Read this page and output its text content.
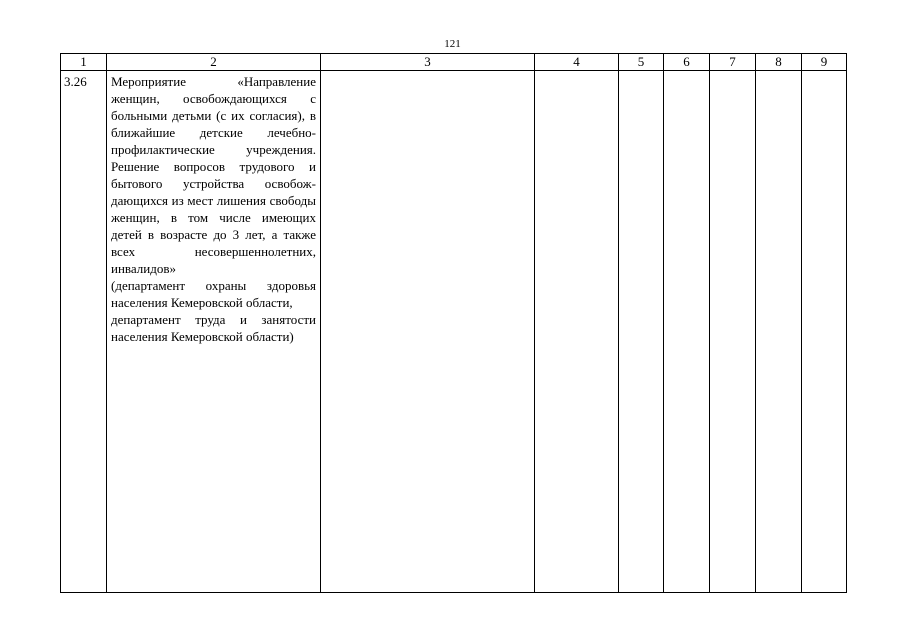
121
1	2	3	4	5	6	7	8	9
3.26	Мероприятие «Направление женщин, освобождающихся с больными детьми (с их согласия), в ближайшие детские лечебно-профилактические учреждения. Решение вопросов трудового и бытового устройства освобождающихся из мест лишения свободы женщин, в том числе имеющих детей в возрасте до 3 лет, а также всех несовершеннолетних, инвалидов»
(департамент охраны здоровья населения Кемеровской области,
департамент труда и занятости населения Кемеровской области)							
